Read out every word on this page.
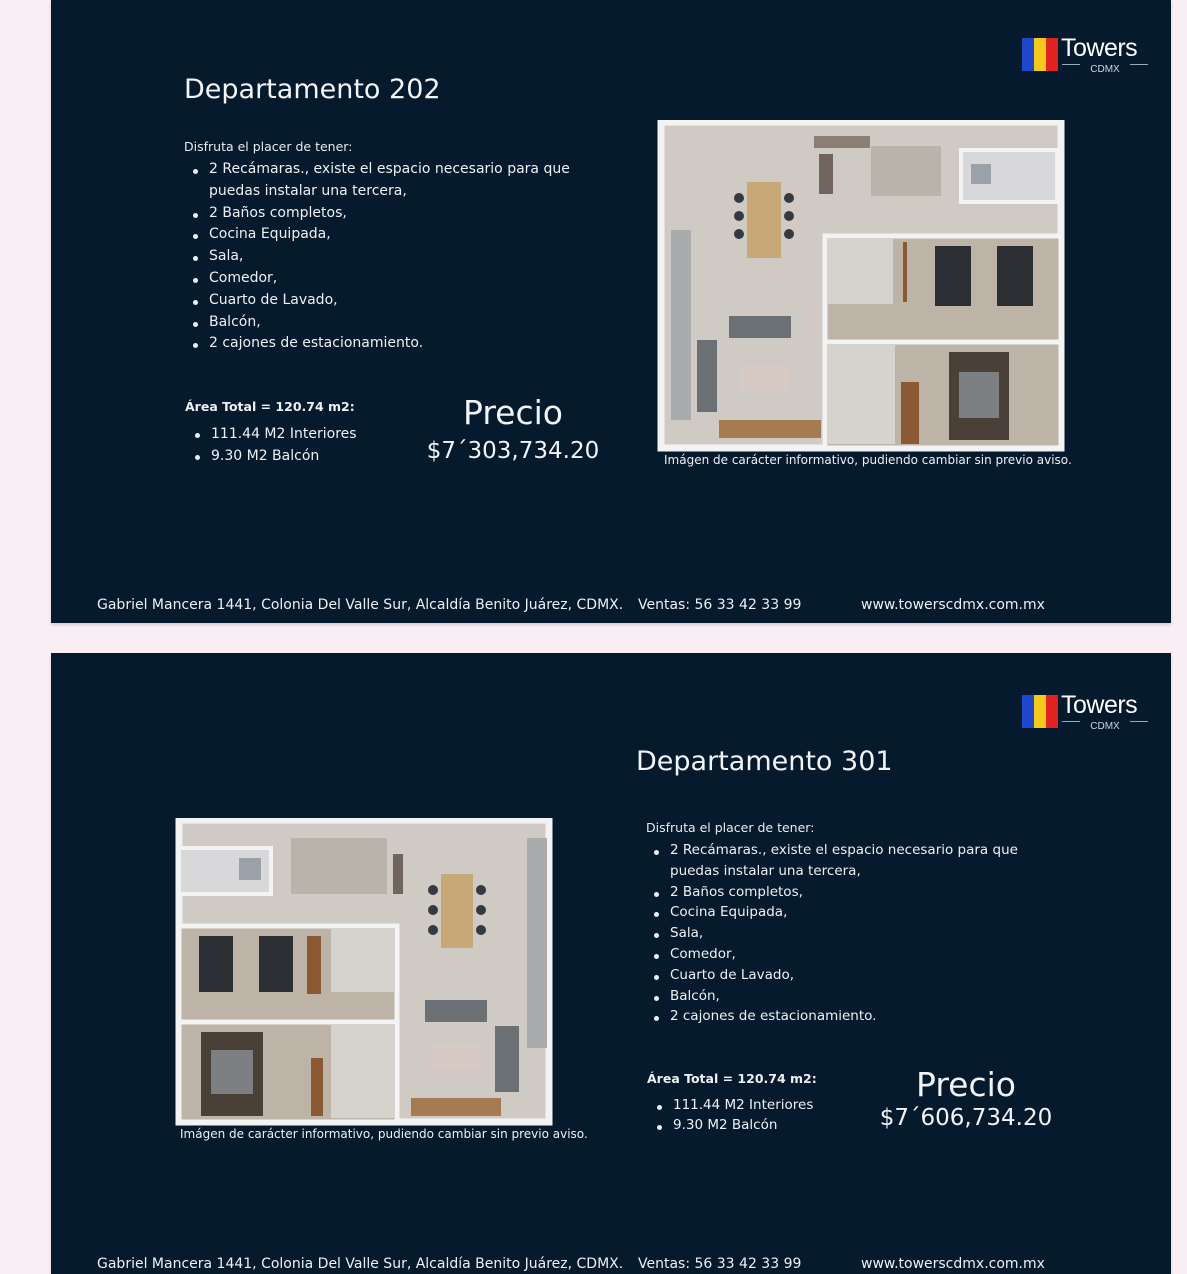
Towers
CDMX
Departamento 202
Disfruta el placer de tener:
2 Recámaras., existe el espacio necesario para que puedas instalar una tercera,
2 Baños completos,
Cocina Equipada,
Sala,
Comedor,
Cuarto de Lavado,
Balcón,
2 cajones de estacionamiento.
Área Total = 120.74 m2:
111.44 M2 Interiores
9.30 M2 Balcón
Precio
$7´303,734.20	Imágen de carácter informativo, pudiendo cambiar sin previo aviso.
Gabriel Mancera 1441, Colonia Del Valle Sur, Alcaldía Benito Juárez, CDMX. Ventas: 56 33 42 33 99	www.towerscdmx.com.mx
Towers
CDMX
Imágen de carácter informativo, pudiendo cambiar sin previo aviso.
Departamento 301
Disfruta el placer de tener:
2 Recámaras., existe el espacio necesario para que puedas instalar una tercera,
2 Baños completos,
Cocina Equipada,
Sala,
Comedor,
Cuarto de Lavado,
Balcón,
2 cajones de estacionamiento.
Área Total = 120.74 m2:
111.44 M2 Interiores
9.30 M2 Balcón
Precio
$7´606,734.20
Gabriel Mancera 1441, Colonia Del Valle Sur, Alcaldía Benito Juárez, CDMX. Ventas: 56 33 42 33 99	www.towerscdmx.com.mx
